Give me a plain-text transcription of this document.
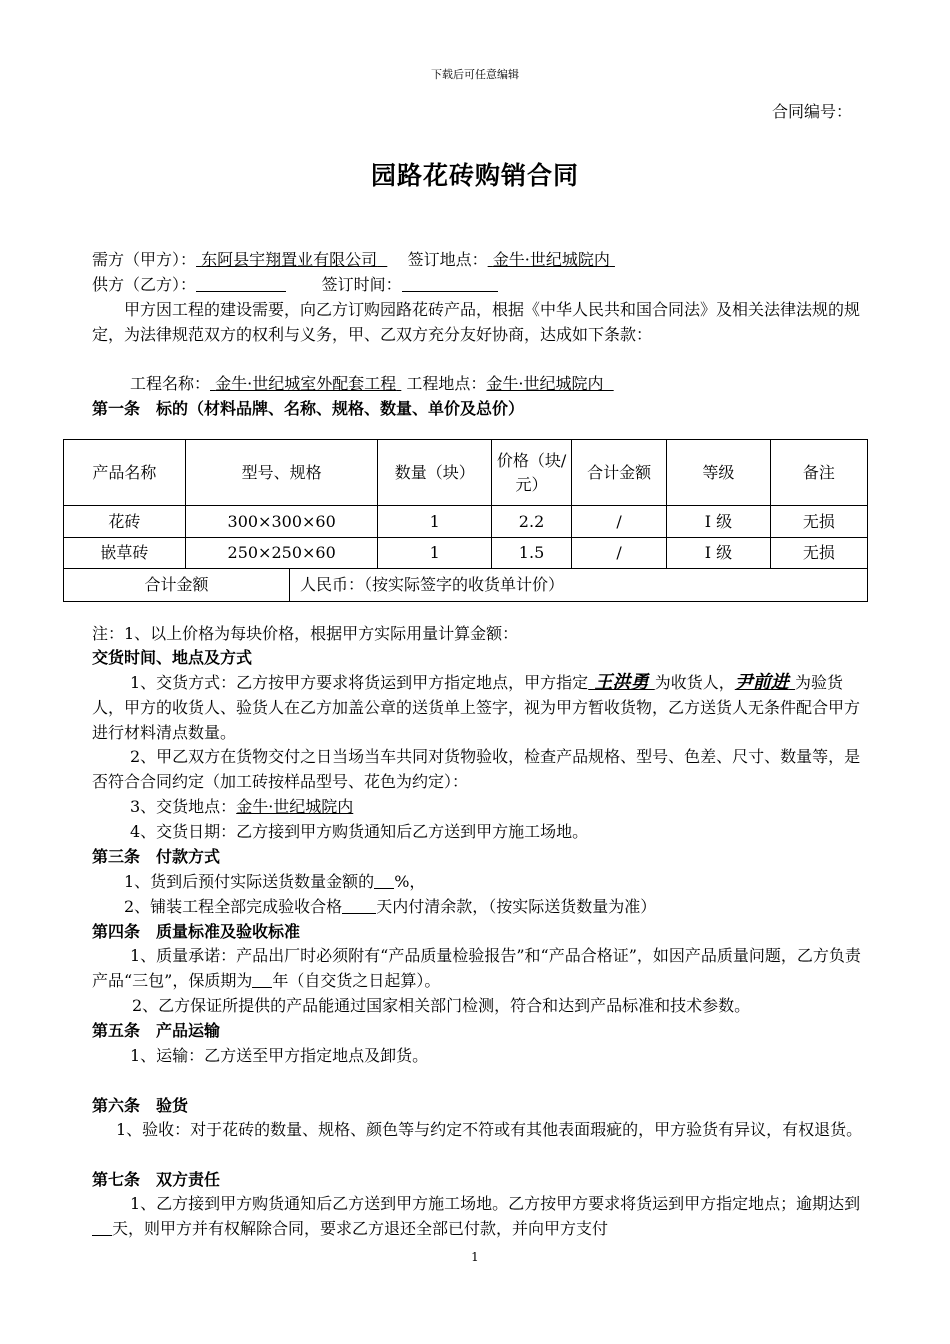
下载后可任意编辑
合同编号：
园路花砖购销合同
需方（甲方）： 东阿县宇翔置业有限公司 签订地点： 金牛·世纪城院内
供方（乙方）：	签订时间：
甲方因工程的建设需要，向乙方订购园路花砖产品，根据《中华人民共和国合同法》及相关法律法规的规定，为法律规范双方的权利与义务，甲、乙双方充分友好协商，达成如下条款：
工程名称： 金牛·世纪城室外配套工程 工程地点：金牛·世纪城院内
第一条　标的（材料品牌、名称、规格、数量、单价及总价）
产品名称	型号、规格	数量（块）	价格（块/元）	合计金额	等级	备注
花砖	300×300×60	1	2.2	/	I 级	无损
嵌草砖	250×250×60	1	1.5	/	I 级	无损

合计金额 人民币：（按实际签字的收货单计价）						
注：1、以上价格为每块价格，根据甲方实际用量计算金额：
交货时间、地点及方式
1、交货方式：乙方按甲方要求将货运到甲方指定地点，甲方指定 王洪勇 为收货人，尹前进 为验货人，甲方的收货人、验货人在乙方加盖公章的送货单上签字，视为甲方暂收货物，乙方送货人无条件配合甲方进行材料清点数量。
2、甲乙双方在货物交付之日当场当车共同对货物验收，检查产品规格、型号、色差、尺寸、数量等，是否符合合同约定（加工砖按样品型号、花色为约定）：
3、交货地点：金牛·世纪城院内
4、交货日期：乙方接到甲方购货通知后乙方送到甲方施工场地。
第三条　付款方式
1、货到后预付实际送货数量金额的 %，
2、铺装工程全部完成验收合格 天内付清余款，（按实际送货数量为准）
第四条　质量标准及验收标准
1、质量承诺：产品出厂时必须附有“产品质量检验报告”和“产品合格证”，如因产品质量问题，乙方负责产品“三包”，保质期为 年（自交货之日起算）。
2、乙方保证所提供的产品能通过国家相关部门检测，符合和达到产品标准和技术参数。
第五条　产品运输
1、运输：乙方送至甲方指定地点及卸货。
第六条　验货
1、验收：对于花砖的数量、规格、颜色等与约定不符或有其他表面瑕疵的，甲方验货有异议，有权退货。
第七条　双方责任
1、乙方接到甲方购货通知后乙方送到甲方施工场地。乙方按甲方要求将货运到甲方指定地点；逾期达到天，则甲方并有权解除合同，要求乙方退还全部已付款，并向甲方支付
1
